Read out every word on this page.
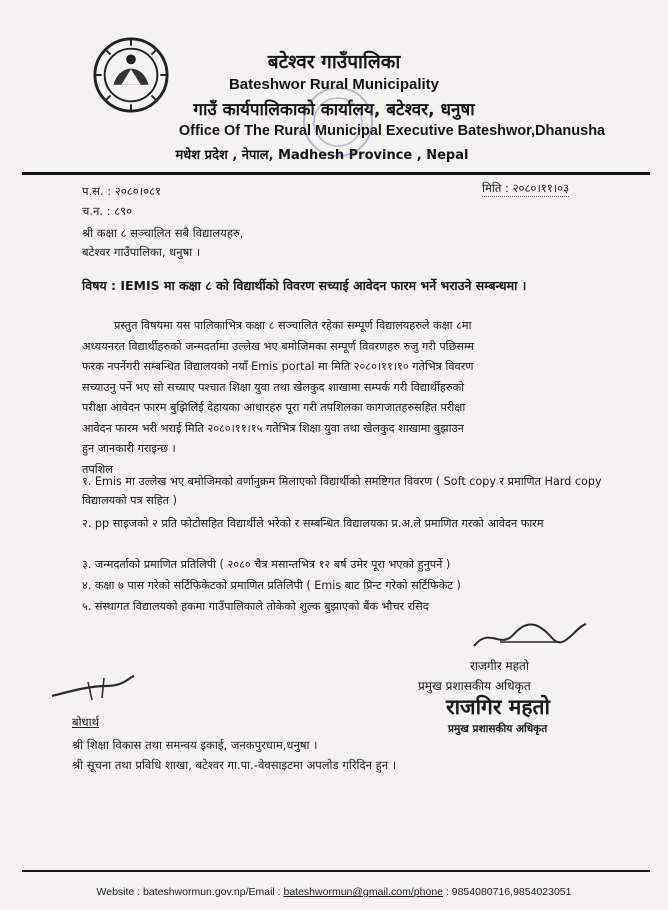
बटेश्वर गाउँपालिका
Bateshwor Rural Municipality
गाउँ कार्यपालिकाको कार्यालय, बटेश्वर, धनुषा
Office Of The Rural Municipal Executive Bateshwor,Dhanusha
मधेश प्रदेश , नेपाल, Madhesh Province , Nepal
प.स. : २०८०।०८१
च.न. : ८९०
मिति : २०८०।११।०३
श्री कक्षा ८ सञ्चालित सबै विद्यालयहरु,
बटेश्वर गाउँपालिका, धनुषा ।
विषय : IEMIS मा कक्षा ८ को विद्यार्थीको विवरण सच्याई आवेदन फारम भर्ने भराउने सम्बन्धमा ।
प्रस्तुत विषयमा यस पालिकाभित्र कक्षा ८ सञ्चालित रहेका सम्पूर्ण विद्यालयहरुले कक्षा ८मा
अध्ययनरत विद्यार्थीहरुको जन्मदर्तामा उल्लेख भए बमोजिमका सम्पूर्ण विवरणहरु रुजु गरी पछिसम्म
फरक नपर्नेगरी सम्बन्धित विद्यालयको नयाँ Emis portal मा मिति २०८०।११।१० गतेभित्र विवरण
सच्याउनु पर्ने भए सो सच्याए पश्चात शिक्षा युवा तथा खेलकुद शाखामा सम्पर्क गरी विद्यार्थीहरुको
परीक्षा आवेदन फारम बुझिलिई देहायका आधारहरु पूरा गरी तपशिलका कागजातहरुसहित परीक्षा
आवेदन फारम भरी भराई मिति २०८०।११।१५ गतेभित्र शिक्षा युवा तथा खेलकुद शाखामा बुझाउन
हुन जानकारी गराइन्छ ।
तपशिल
१. Emis मा उल्लेख भए बमोजिमको वर्णानुक्रम मिलाएको विद्यार्थीको समष्टिगत विवरण ( Soft copy र प्रमाणित Hard copy विद्यालयको पत्र सहित )
२. pp साइजको २ प्रति फोटोसहित विद्यार्थीले भरेको र सम्बन्धित विद्यालयका प्र.अ.ले प्रमाणित गरको आवेदन फारम
३. जन्मदर्ताको प्रमाणित प्रतिलिपी ( २०८० चैत्र मसान्तभित्र १२ बर्ष उमेर पूरा भएको हुनुपर्ने )
४. कक्षा ७ पास गरेको सर्टिफिकेटको प्रमाणित प्रतिलिपी ( Emis बाट प्रिन्ट गरेको सर्टिफिकेट )
५. संस्थागत विद्यालयको हकमा गाउँपालिकाले तोकेको शुल्क बुझाएको बैंक भौचर रसिद
राजगीर महतो
प्रमुख प्रशासकीय अधिकृत
राजगिर महतो
प्रमुख प्रशासकीय अधिकृत
बोधार्थ
श्री शिक्षा विकास तथा समन्वय इकाई, जनकपुरधाम,धनुषा ।
श्री सूचना तथा प्रविधि शाखा, बटेश्वर गा.पा.-वेवसाइटमा अपलोड गरिदिन हुन ।
Website : bateshwormun.gov.np/Email : bateshwormun@gmail.com/phone : 9854080716,9854023051
